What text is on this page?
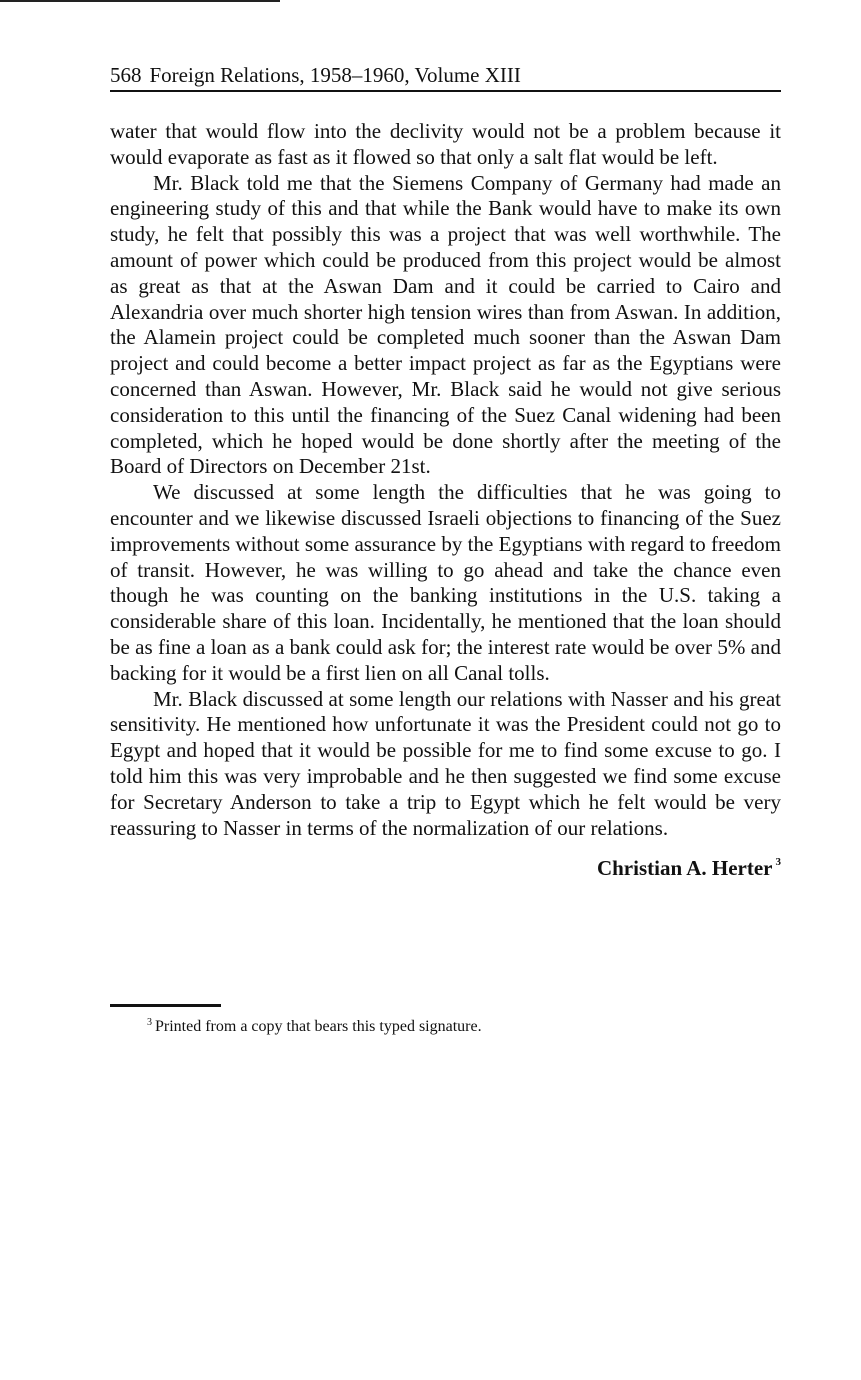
568 Foreign Relations, 1958–1960, Volume XIII

water that would flow into the declivity would not be a problem because it would evaporate as fast as it flowed so that only a salt flat would be left.

Mr. Black told me that the Siemens Company of Germany had made an engineering study of this and that while the Bank would have to make its own study, he felt that possibly this was a project that was well worthwhile. The amount of power which could be produced from this project would be almost as great as that at the Aswan Dam and it could be carried to Cairo and Alexandria over much shorter high tension wires than from Aswan. In addition, the Alamein project could be completed much sooner than the Aswan Dam project and could become a better impact project as far as the Egyptians were concerned than Aswan. However, Mr. Black said he would not give serious consideration to this until the financing of the Suez Canal widening had been completed, which he hoped would be done shortly after the meeting of the Board of Directors on December 21st.

We discussed at some length the difficulties that he was going to encounter and we likewise discussed Israeli objections to financing of the Suez improvements without some assurance by the Egyptians with regard to freedom of transit. However, he was willing to go ahead and take the chance even though he was counting on the banking institutions in the U.S. taking a considerable share of this loan. Incidentally, he mentioned that the loan should be as fine a loan as a bank could ask for; the interest rate would be over 5% and backing for it would be a first lien on all Canal tolls.

Mr. Black discussed at some length our relations with Nasser and his great sensitivity. He mentioned how unfortunate it was the President could not go to Egypt and hoped that it would be possible for me to find some excuse to go. I told him this was very improbable and he then suggested we find some excuse for Secretary Anderson to take a trip to Egypt which he felt would be very reassuring to Nasser in terms of the normalization of our relations.

Christian A. Herter $^3$
$^3$ Printed from a copy that bears this typed signature.
